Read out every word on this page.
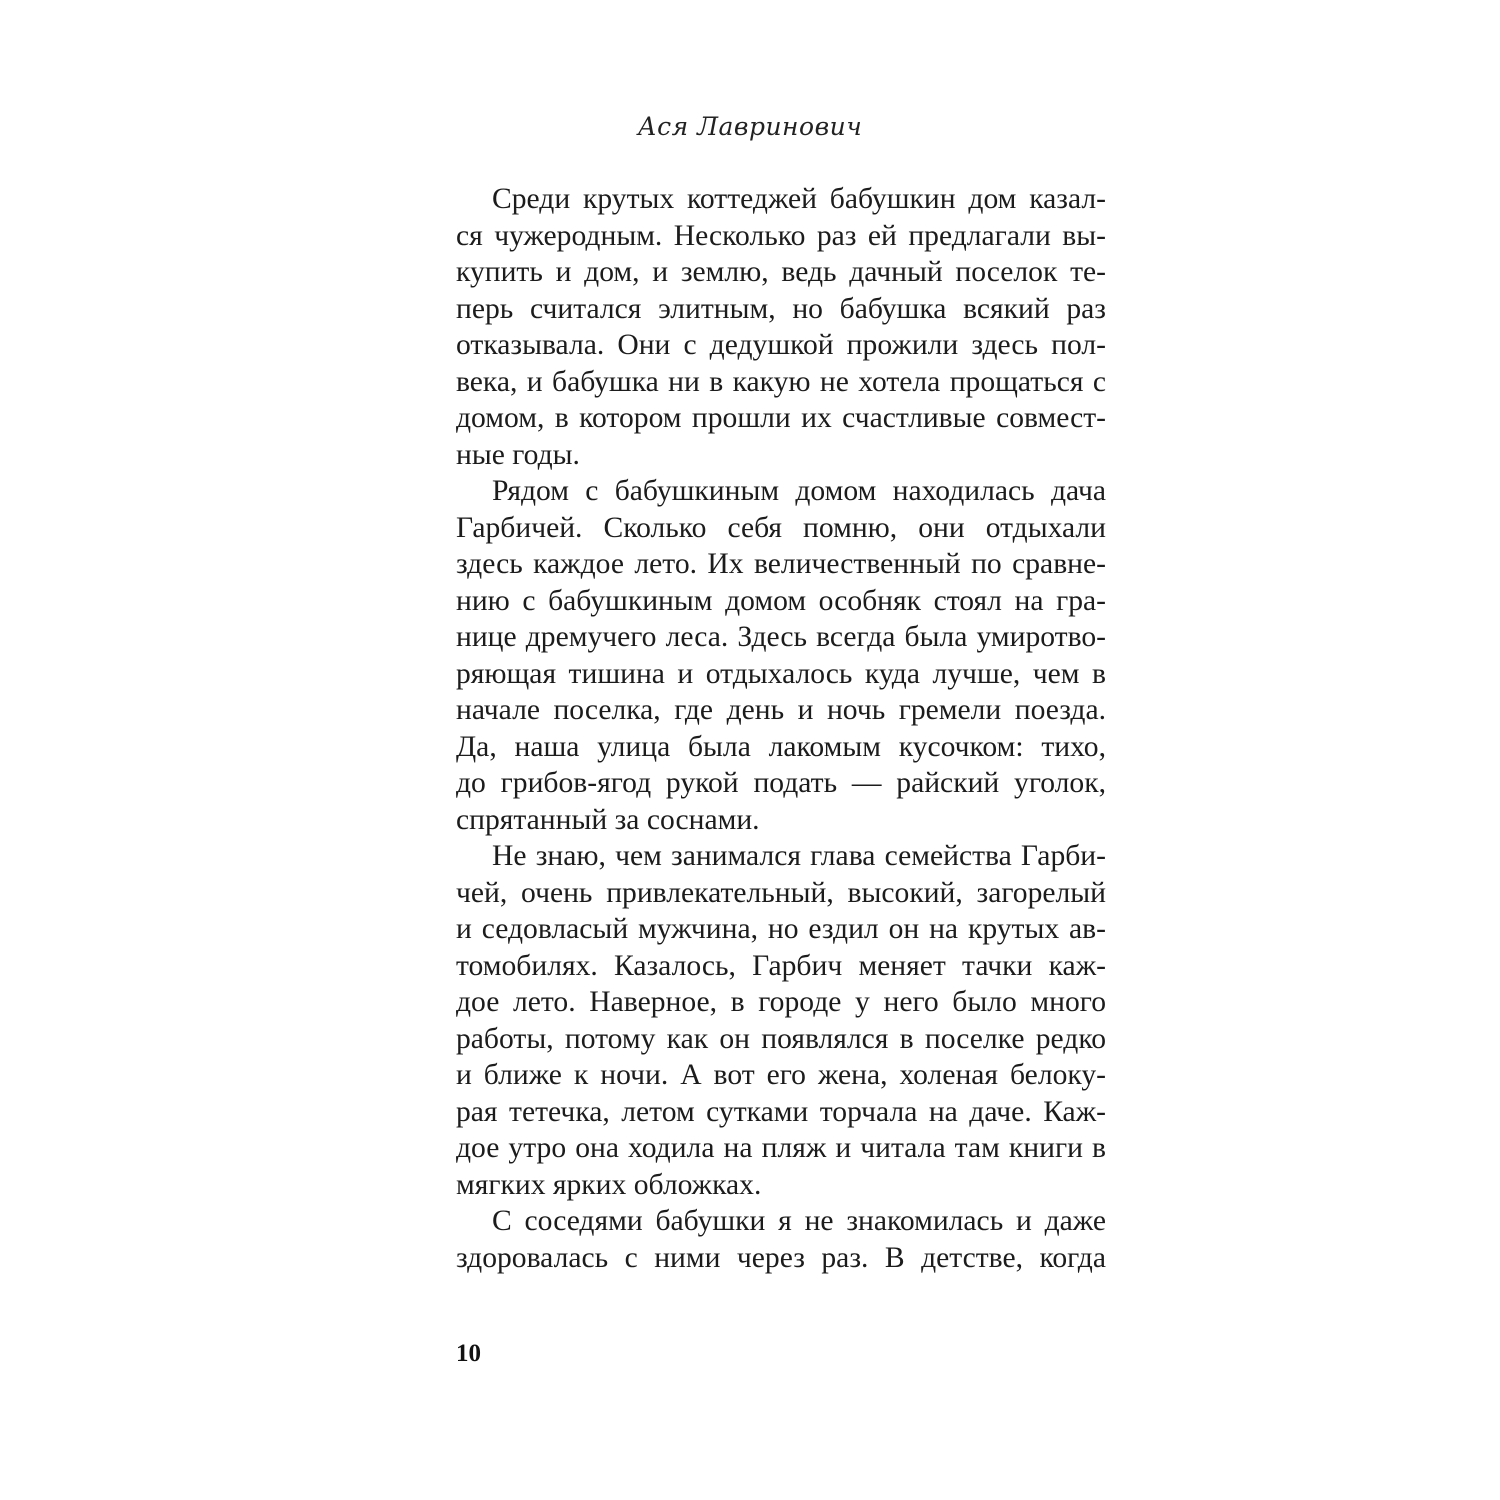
Ася Лавринович
Среди крутых коттеджей бабушкин дом казал-
ся чужеродным. Несколько раз ей предлагали вы-
купить и дом, и землю, ведь дачный поселок те-
перь считался элитным, но бабушка всякий раз
отказывала. Они с дедушкой прожили здесь пол-
века, и бабушка ни в какую не хотела прощаться с
домом, в котором прошли их счастливые совмест-
ные годы.
Рядом с бабушкиным домом находилась дача
Гарбичей. Сколько себя помню, они отдыхали
здесь каждое лето. Их величественный по сравне-
нию с бабушкиным домом особняк стоял на гра-
нице дремучего леса. Здесь всегда была умиротво-
ряющая тишина и отдыхалось куда лучше, чем в
начале поселка, где день и ночь гремели поезда.
Да, наша улица была лакомым кусочком: тихо,
до грибов-ягод рукой подать — райский уголок,
спрятанный за соснами.
Не знаю, чем занимался глава семейства Гарби-
чей, очень привлекательный, высокий, загорелый
и седовласый мужчина, но ездил он на крутых ав-
томобилях. Казалось, Гарбич меняет тачки каж-
дое лето. Наверное, в городе у него было много
работы, потому как он появлялся в поселке редко
и ближе к ночи. А вот его жена, холеная белоку-
рая тетечка, летом сутками торчала на даче. Каж-
дое утро она ходила на пляж и читала там книги в
мягких ярких обложках.
С соседями бабушки я не знакомилась и даже
здоровалась с ними через раз. В детстве, когда
10
